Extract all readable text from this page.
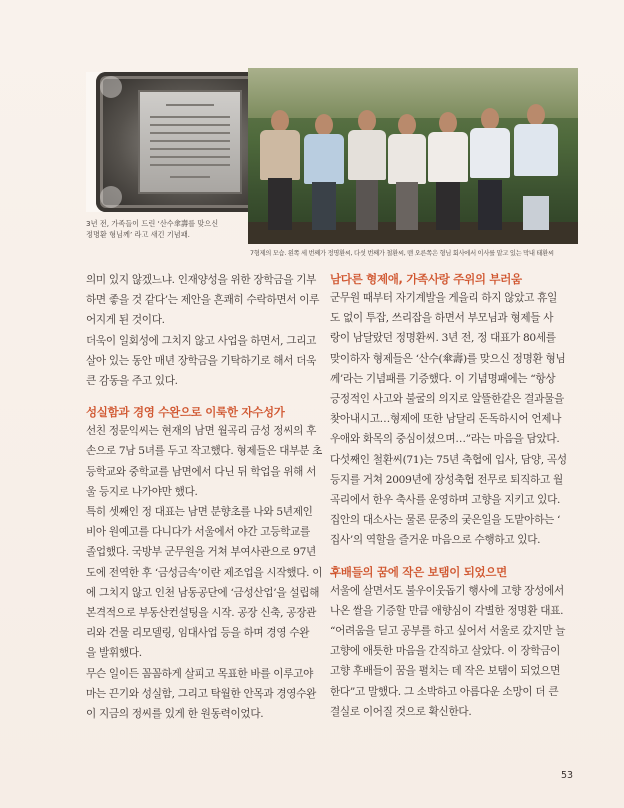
3년 전, 가족들이 드린 ‘산수傘壽를 맞으신
정명환 형님께’ 라고 새긴 기념패.
7형제의 모습. 왼쪽 세 번째가 정명환씨, 다섯 번째가 철환씨, 맨 오른쪽은 형님 회사에서 이사를 맡고 있는 막내 태환씨

의미 있지 않겠느냐. 인재양성을 위한 장학금을 기부
하면 좋을 것 같다’는 제안을 흔쾌히 수락하면서 이루
어지게 된 것이다.

더욱이 일회성에 그치지 않고 사업을 하면서, 그리고
살아 있는 동안 매년 장학금을 기탁하기로 해서 더욱
큰 감동을 주고 있다.

성실함과 경영 수완으로 이룩한 자수성가

선친 정문익씨는 현재의 남면 월곡리 금성 정씨의 후
손으로 7남 5녀를 두고 작고했다. 형제들은 대부분 초
등학교와 중학교를 남면에서 다닌 뒤 학업을 위해 서
울 등지로 나가야만 했다.

특히 셋째인 정 대표는 남면 분향초를 나와 5년제인
비아 원예고를 다니다가 서울에서 야간 고등학교를
졸업했다. 국방부 군무원을 거쳐 부여사관으로 97년
도에 전역한 후 ‘금성금속’이란 제조업을 시작했다. 이
에 그치지 않고 인천 남동공단에 ‘금성산업’을 설립해
본격적으로 부동산컨설팅을 시작. 공장 신축, 공장관
리와 건물 리모델링, 임대사업 등을 하며 경영 수완
을 발휘했다.

무슨 일이든 꼼꼼하게 살피고 목표한 바를 이루고야
마는 끈기와 성실함, 그리고 탁월한 안목과 경영수완
이 지금의 정씨를 있게 한 원동력이었다.

남다른 형제애, 가족사랑 주위의 부러움

군무원 때부터 자기계발을 게을리 하지 않았고 휴일
도 없이 투잡, 쓰리잡을 하면서 부모님과 형제들 사
랑이 남달랐던 정명환씨. 3년 전, 정 대표가 80세를
맞이하자 형제들은 ‘산수(傘壽)를 맞으신 정명환 형님
께’라는 기념패를 기증했다. 이 기념명패에는 “항상
긍정적인 사고와 불굴의 의지로 알뜰한같은 결과물을
찾아내시고…형제에 또한 남달리 돈독하시어 언제나
우애와 화목의 중심이셨으며…”라는 마음을 담았다.

다섯째인 철환씨(71)는 75년 축협에 입사, 담양, 곡성
등지를 거쳐 2009년에 장성축협 전무로 퇴직하고 월
곡리에서 한우 축사를 운영하며 고향을 지키고 있다.

집안의 대소사는 물론 문중의 궂은일을 도맡아하는 ‘
집사’의 역할을 즐거운 마음으로 수행하고 있다.

후배들의 꿈에 작은 보탬이 되었으면

서울에 살면서도 불우이웃돕기 행사에 고향 장성에서
나온 쌀을 기증할 만큼 애향심이 각별한 정명환 대표.
“어려움을 딛고 공부를 하고 싶어서 서울로 갔지만 늘
고향에 애틋한 마음을 간직하고 살았다. 이 장학금이
고향 후배들이 꿈을 펼치는 데 작은 보탬이 되었으면
한다”고 말했다. 그 소박하고 아름다운 소망이 더 큰
결실로 이어질 것으로 확신한다.

53
